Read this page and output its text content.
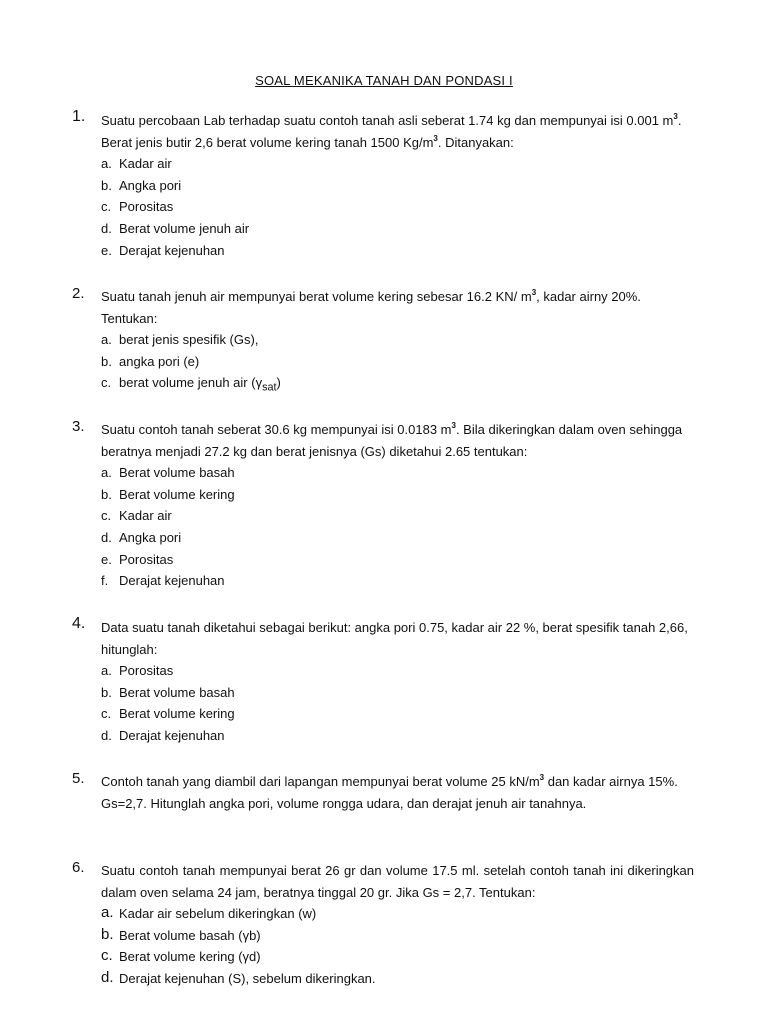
SOAL MEKANIKA TANAH DAN PONDASI I
1.	Suatu percobaan Lab terhadap suatu contoh tanah asli seberat 1.74 kg dan mempunyai isi 0.001 $m^3$. Berat jenis butir 2,6 berat volume kering tanah 1500 $Kg/m^3$. Ditanyakan:
a. Kadar air
b. Angka pori
c. Porositas
d. Berat volume jenuh air
e. Derajat kejenuhan
2.	Suatu tanah jenuh air mempunyai berat volume kering sebesar 16.2 KN/ $m^3$, kadar airny 20%. Tentukan:
a. berat jenis spesifik (Gs),
b. angka pori (e)
c. berat volume jenuh air $(\gamma_{sat})$
3.	Suatu contoh tanah seberat 30.6 kg mempunyai isi 0.0183 $m^3$. Bila dikeringkan dalam oven sehingga beratnya menjadi 27.2 kg dan berat jenisnya (Gs) diketahui 2.65 tentukan:
a. Berat volume basah
b. Berat volume kering
c. Kadar air
d. Angka pori
e. Porositas
f. Derajat kejenuhan
4.	Data suatu tanah diketahui sebagai berikut: angka pori 0.75, kadar air 22 %, berat spesifik tanah 2,66, hitunglah:
a. Porositas
b. Berat volume basah
c. Berat volume kering
d. Derajat kejenuhan
5.	Contoh tanah yang diambil dari lapangan mempunyai berat volume 25 $kN/m^3$ dan kadar airnya 15%. Gs=2,7. Hitunglah angka pori, volume rongga udara, dan derajat jenuh air tanahnya.
6.	Suatu contoh tanah mempunyai berat 26 gr dan volume 17.5 ml. setelah contoh tanah ini dikeringkan dalam oven selama 24 jam, beratnya tinggal 20 gr. Jika Gs = 2,7. Tentukan:
a. Kadar air sebelum dikeringkan (w)
b. Berat volume basah (γb)
c. Berat volume kering (γd)
d. Derajat kejenuhan (S), sebelum dikeringkan.
